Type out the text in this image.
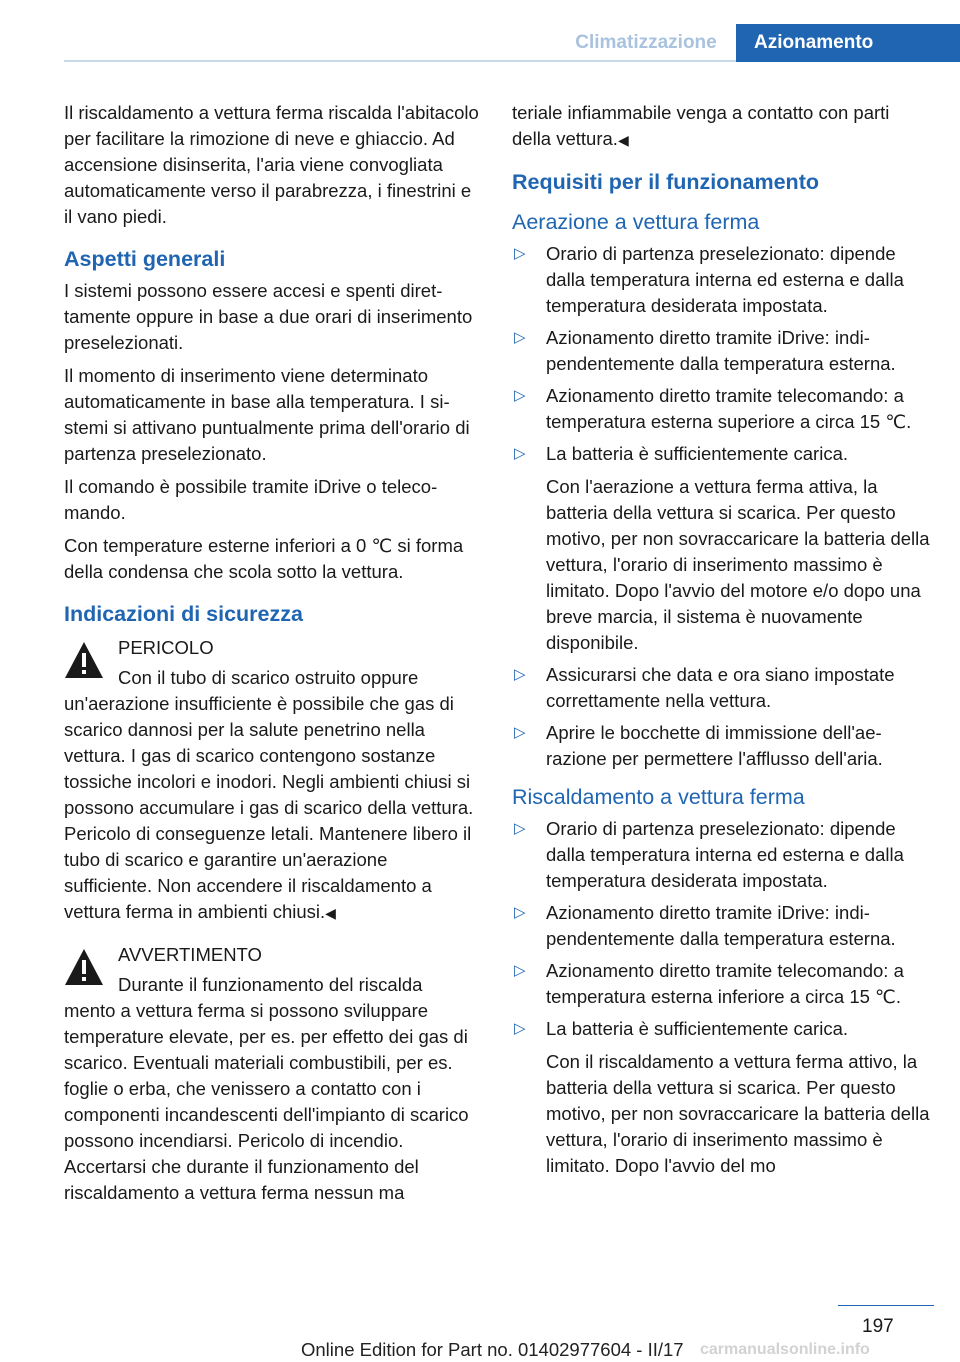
Climatizzazione	Azionamento

Il riscaldamento a vettura ferma riscalda l'abitacolo per facilitare la rimozione di neve e ghiaccio. Ad accensione disinserita, l'aria viene convogliata automaticamente verso il parabrezza, i finestrini e il vano piedi.

Aspetti generali

I sistemi possono essere accesi e spenti direttamente oppure in base a due orari di inserimento preselezionati.

Il momento di inserimento viene determinato automaticamente in base alla temperatura. I sistemi si attivano puntualmente prima dell'orario di partenza preselezionato.

Il comando è possibile tramite iDrive o telecomando.

Con temperature esterne inferiori a 0 ℃ si forma della condensa che scola sotto la vettura.

Indicazioni di sicurezza
PERICOLO
Con il tubo di scarico ostruito oppure
un'aerazione insufficiente è possibile che gas di scarico dannosi per la salute penetrino nella vettura. I gas di scarico contengono sostanze tossiche incolori e inodori. Negli ambienti chiusi si possono accumulare i gas di scarico della vettura. Pericolo di conseguenze letali. Mantenere libero il tubo di scarico e garantire un'aerazione sufficiente. Non accendere il riscaldamento a vettura ferma in ambienti chiusi.◀
AVVERTIMENTO
Durante il funzionamento del riscalda
mento a vettura ferma si possono sviluppare temperature elevate, per es. per effetto dei gas di scarico. Eventuali materiali combustibili, per es. foglie o erba, che venissero a contatto con i componenti incandescenti dell'impianto di scarico possono incendiarsi. Pericolo di incendio. Accertarsi che durante il funzionamento del riscaldamento a vettura ferma nessun ma

teriale infiammabile venga a contatto con parti della vettura.◀

Requisiti per il funzionamento
Aerazione a vettura ferma
▷ Orario di partenza preselezionato: dipende dalla temperatura interna ed esterna e dalla temperatura desiderata impostata.
▷ Azionamento diretto tramite iDrive: indipendentemente dalla temperatura esterna.
▷ Azionamento diretto tramite telecomando: a temperatura esterna superiore a circa 15 ℃.
▷ La batteria è sufficientemente carica.
Con l'aerazione a vettura ferma attiva, la batteria della vettura si scarica. Per questo motivo, per non sovraccaricare la batteria della vettura, l'orario di inserimento massimo è limitato. Dopo l'avvio del motore e/o dopo una breve marcia, il sistema è nuovamente disponibile.
▷ Assicurarsi che data e ora siano impostate correttamente nella vettura.
▷ Aprire le bocchette di immissione dell'aerazione per permettere l'afflusso dell'aria.
Riscaldamento a vettura ferma
▷ Orario di partenza preselezionato: dipende dalla temperatura interna ed esterna e dalla temperatura desiderata impostata.
▷ Azionamento diretto tramite iDrive: indipendentemente dalla temperatura esterna.
▷ Azionamento diretto tramite telecomando: a temperatura esterna inferiore a circa 15 ℃.
▷ La batteria è sufficientemente carica.
Con il riscaldamento a vettura ferma attivo, la batteria della vettura si scarica. Per questo motivo, per non sovraccaricare la batteria della vettura, l'orario di inserimento massimo è limitato. Dopo l'avvio del mo
197
Online Edition for Part no. 01402977604 - II/17 carmanualsonline.info
